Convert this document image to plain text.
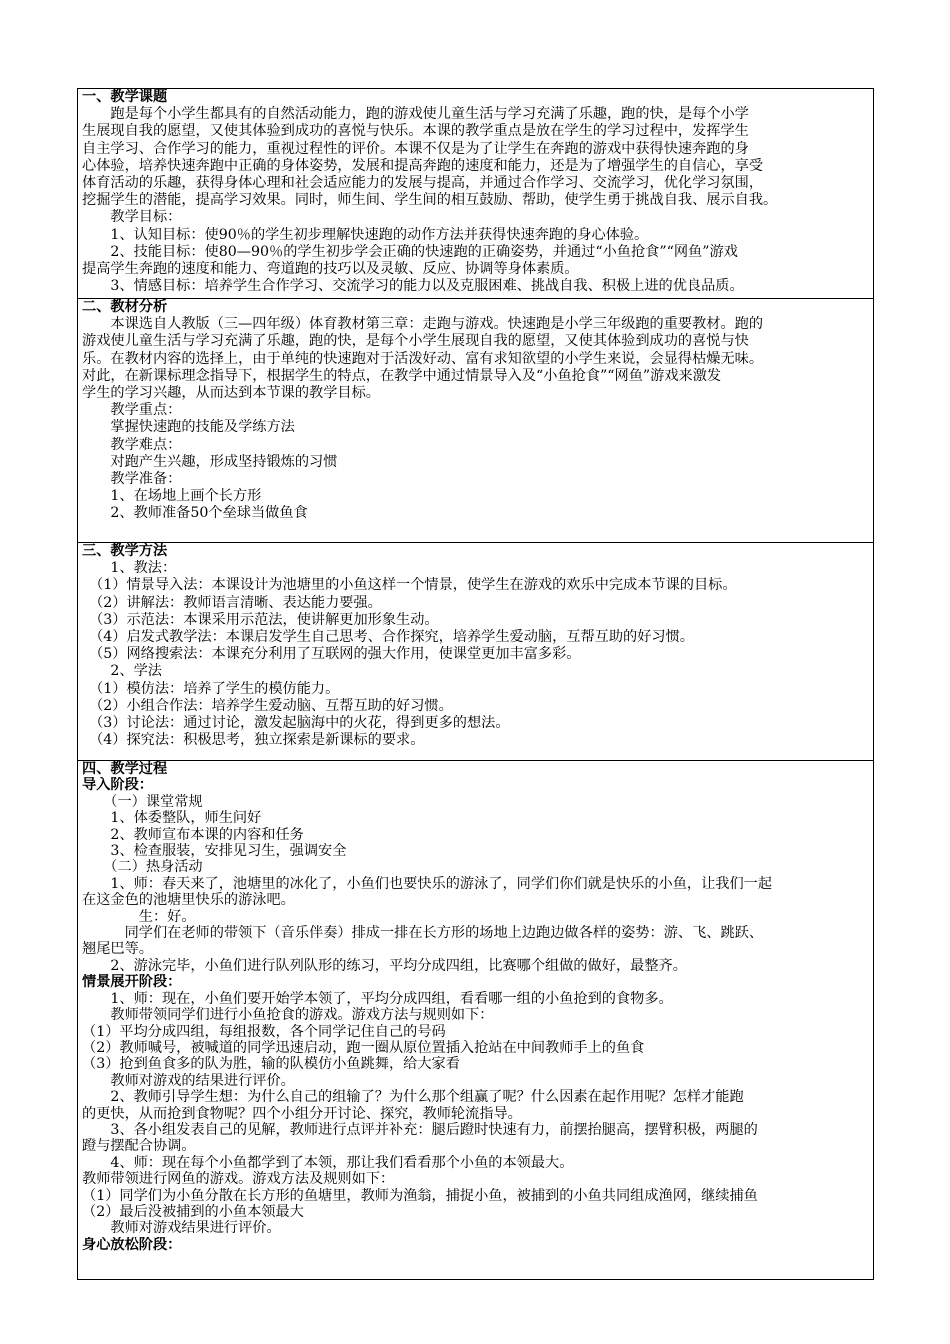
一、教学课题
　　跑是每个小学生都具有的自然活动能力，跑的游戏使儿童生活与学习充满了乐趣，跑的快，是每个小学
生展现自我的愿望，又使其体验到成功的喜悦与快乐。本课的教学重点是放在学生的学习过程中，发挥学生
自主学习、合作学习的能力，重视过程性的评价。本课不仅是为了让学生在奔跑的游戏中获得快速奔跑的身
心体验，培养快速奔跑中正确的身体姿势，发展和提高奔跑的速度和能力，还是为了增强学生的自信心，享受
体育活动的乐趣，获得身体心理和社会适应能力的发展与提高，并通过合作学习、交流学习，优化学习氛围，
挖掘学生的潜能，提高学习效果。同时，师生间、学生间的相互鼓励、帮助，使学生勇于挑战自我、展示自我。
　　教学目标：
　　1、认知目标：使90％的学生初步理解快速跑的动作方法并获得快速奔跑的身心体验。
　　2、技能目标：使80—90％的学生初步学会正确的快速跑的正确姿势，并通过“小鱼抢食”“网鱼”游戏
提高学生奔跑的速度和能力、弯道跑的技巧以及灵敏、反应、协调等身体素质。
　　3、情感目标：培养学生合作学习、交流学习的能力以及克服困难、挑战自我、积极上进的优良品质。
二、教材分析
　　本课选自人教版（三—四年级）体育教材第三章：走跑与游戏。快速跑是小学三年级跑的重要教材。跑的
游戏使儿童生活与学习充满了乐趣，跑的快，是每个小学生展现自我的愿望，又使其体验到成功的喜悦与快
乐。在教材内容的选择上，由于单纯的快速跑对于活泼好动、富有求知欲望的小学生来说，会显得枯燥无味。
对此，在新课标理念指导下，根据学生的特点，在教学中通过情景导入及“小鱼抢食”“网鱼”游戏来激发
学生的学习兴趣，从而达到本节课的教学目标。
　　教学重点：
　　掌握快速跑的技能及学练方法
　　教学难点：
　　对跑产生兴趣，形成坚持锻炼的习惯
　　教学准备：
　　1、在场地上画个长方形
　　2、教师准备50个垒球当做鱼食
三、教学方法
　　1、教法：
　（1）情景导入法：本课设计为池塘里的小鱼这样一个情景，使学生在游戏的欢乐中完成本节课的目标。
　（2）讲解法：教师语言清晰、表达能力要强。
　（3）示范法：本课采用示范法，使讲解更加形象生动。
　（4）启发式教学法：本课启发学生自己思考、合作探究，培养学生爱动脑，互帮互助的好习惯。
　（5）网络搜索法：本课充分利用了互联网的强大作用，使课堂更加丰富多彩。
　　2、学法
　（1）模仿法：培养了学生的模仿能力。
　（2）小组合作法：培养学生爱动脑、互帮互助的好习惯。
　（3）讨论法：通过讨论，激发起脑海中的火花，得到更多的想法。
　（4）探究法：积极思考，独立探索是新课标的要求。
四、教学过程
导入阶段：
　　（一）课堂常规
　　1、体委整队，师生问好
　　2、教师宣布本课的内容和任务
　　3、检查服装，安排见习生，强调安全
　　（二）热身活动
　　1、师：春天来了，池塘里的冰化了，小鱼们也要快乐的游泳了，同学们你们就是快乐的小鱼，让我们一起
在这金色的池塘里快乐的游泳吧。
　　　　生：好。
　　　同学们在老师的带领下（音乐伴奏）排成一排在长方形的场地上边跑边做各样的姿势：游、飞、跳跃、
翘尾巴等。
　　2、游泳完毕，小鱼们进行队列队形的练习，平均分成四组，比赛哪个组做的做好，最整齐。
情景展开阶段：
　　1、师：现在，小鱼们要开始学本领了，平均分成四组，看看哪一组的小鱼抢到的食物多。
　　教师带领同学们进行小鱼抢食的游戏。游戏方法与规则如下：
（1）平均分成四组，每组报数，各个同学记住自己的号码
（2）教师喊号，被喊道的同学迅速启动，跑一圈从原位置插入抢站在中间教师手上的鱼食
（3）抢到鱼食多的队为胜，输的队模仿小鱼跳舞，给大家看
　　教师对游戏的结果进行评价。
　　2、教师引导学生想：为什么自己的组输了？为什么那个组赢了呢？什么因素在起作用呢？怎样才能跑
的更快，从而抢到食物呢？四个小组分开讨论、探究，教师轮流指导。
　　3、各小组发表自己的见解，教师进行点评并补充：腿后蹬时快速有力，前摆抬腿高，摆臂积极，两腿的
蹬与摆配合协调。
　　4、师：现在每个小鱼都学到了本领，那让我们看看那个小鱼的本领最大。
教师带领进行网鱼的游戏。游戏方法及规则如下：
（1）同学们为小鱼分散在长方形的鱼塘里，教师为渔翁，捕捉小鱼，被捕到的小鱼共同组成渔网，继续捕鱼
（2）最后没被捕到的小鱼本领最大
　　教师对游戏结果进行评价。
身心放松阶段：
